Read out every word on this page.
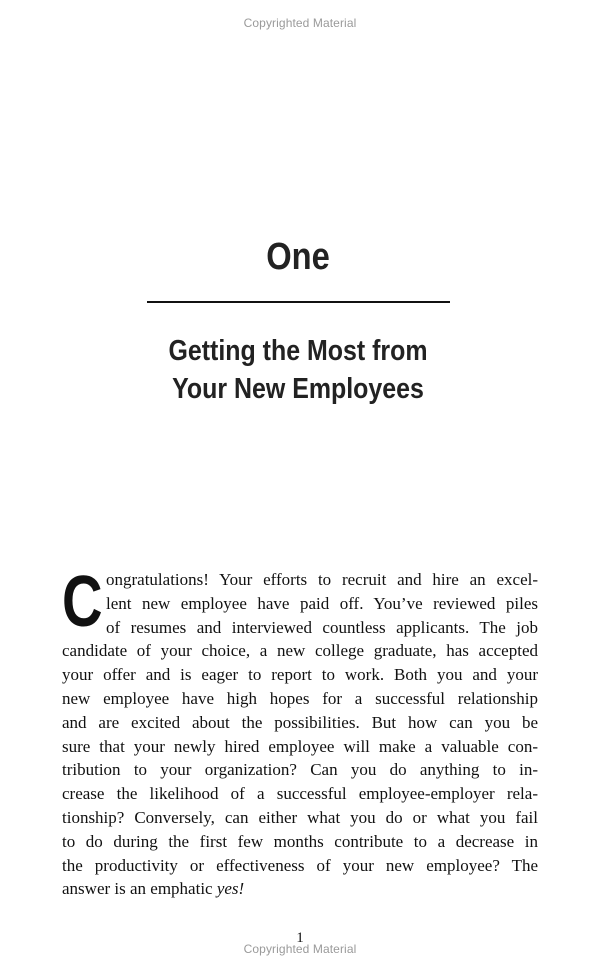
Copyrighted Material
One
Getting the Most from
Your New Employees
C ongratulations! Your efforts to recruit and hire an excel-
lent new employee have paid off. You’ve reviewed piles
of resumes and interviewed countless applicants. The job
candidate of your choice, a new college graduate, has accepted
your offer and is eager to report to work. Both you and your
new employee have high hopes for a successful relationship
and are excited about the possibilities. But how can you be
sure that your newly hired employee will make a valuable con-
tribution to your organization? Can you do anything to in-
crease the likelihood of a successful employee-employer rela-
tionship? Conversely, can either what you do or what you fail
to do during the first few months contribute to a decrease in
the productivity or effectiveness of your new employee? The
answer is an emphatic yes!
1
Copyrighted Material
